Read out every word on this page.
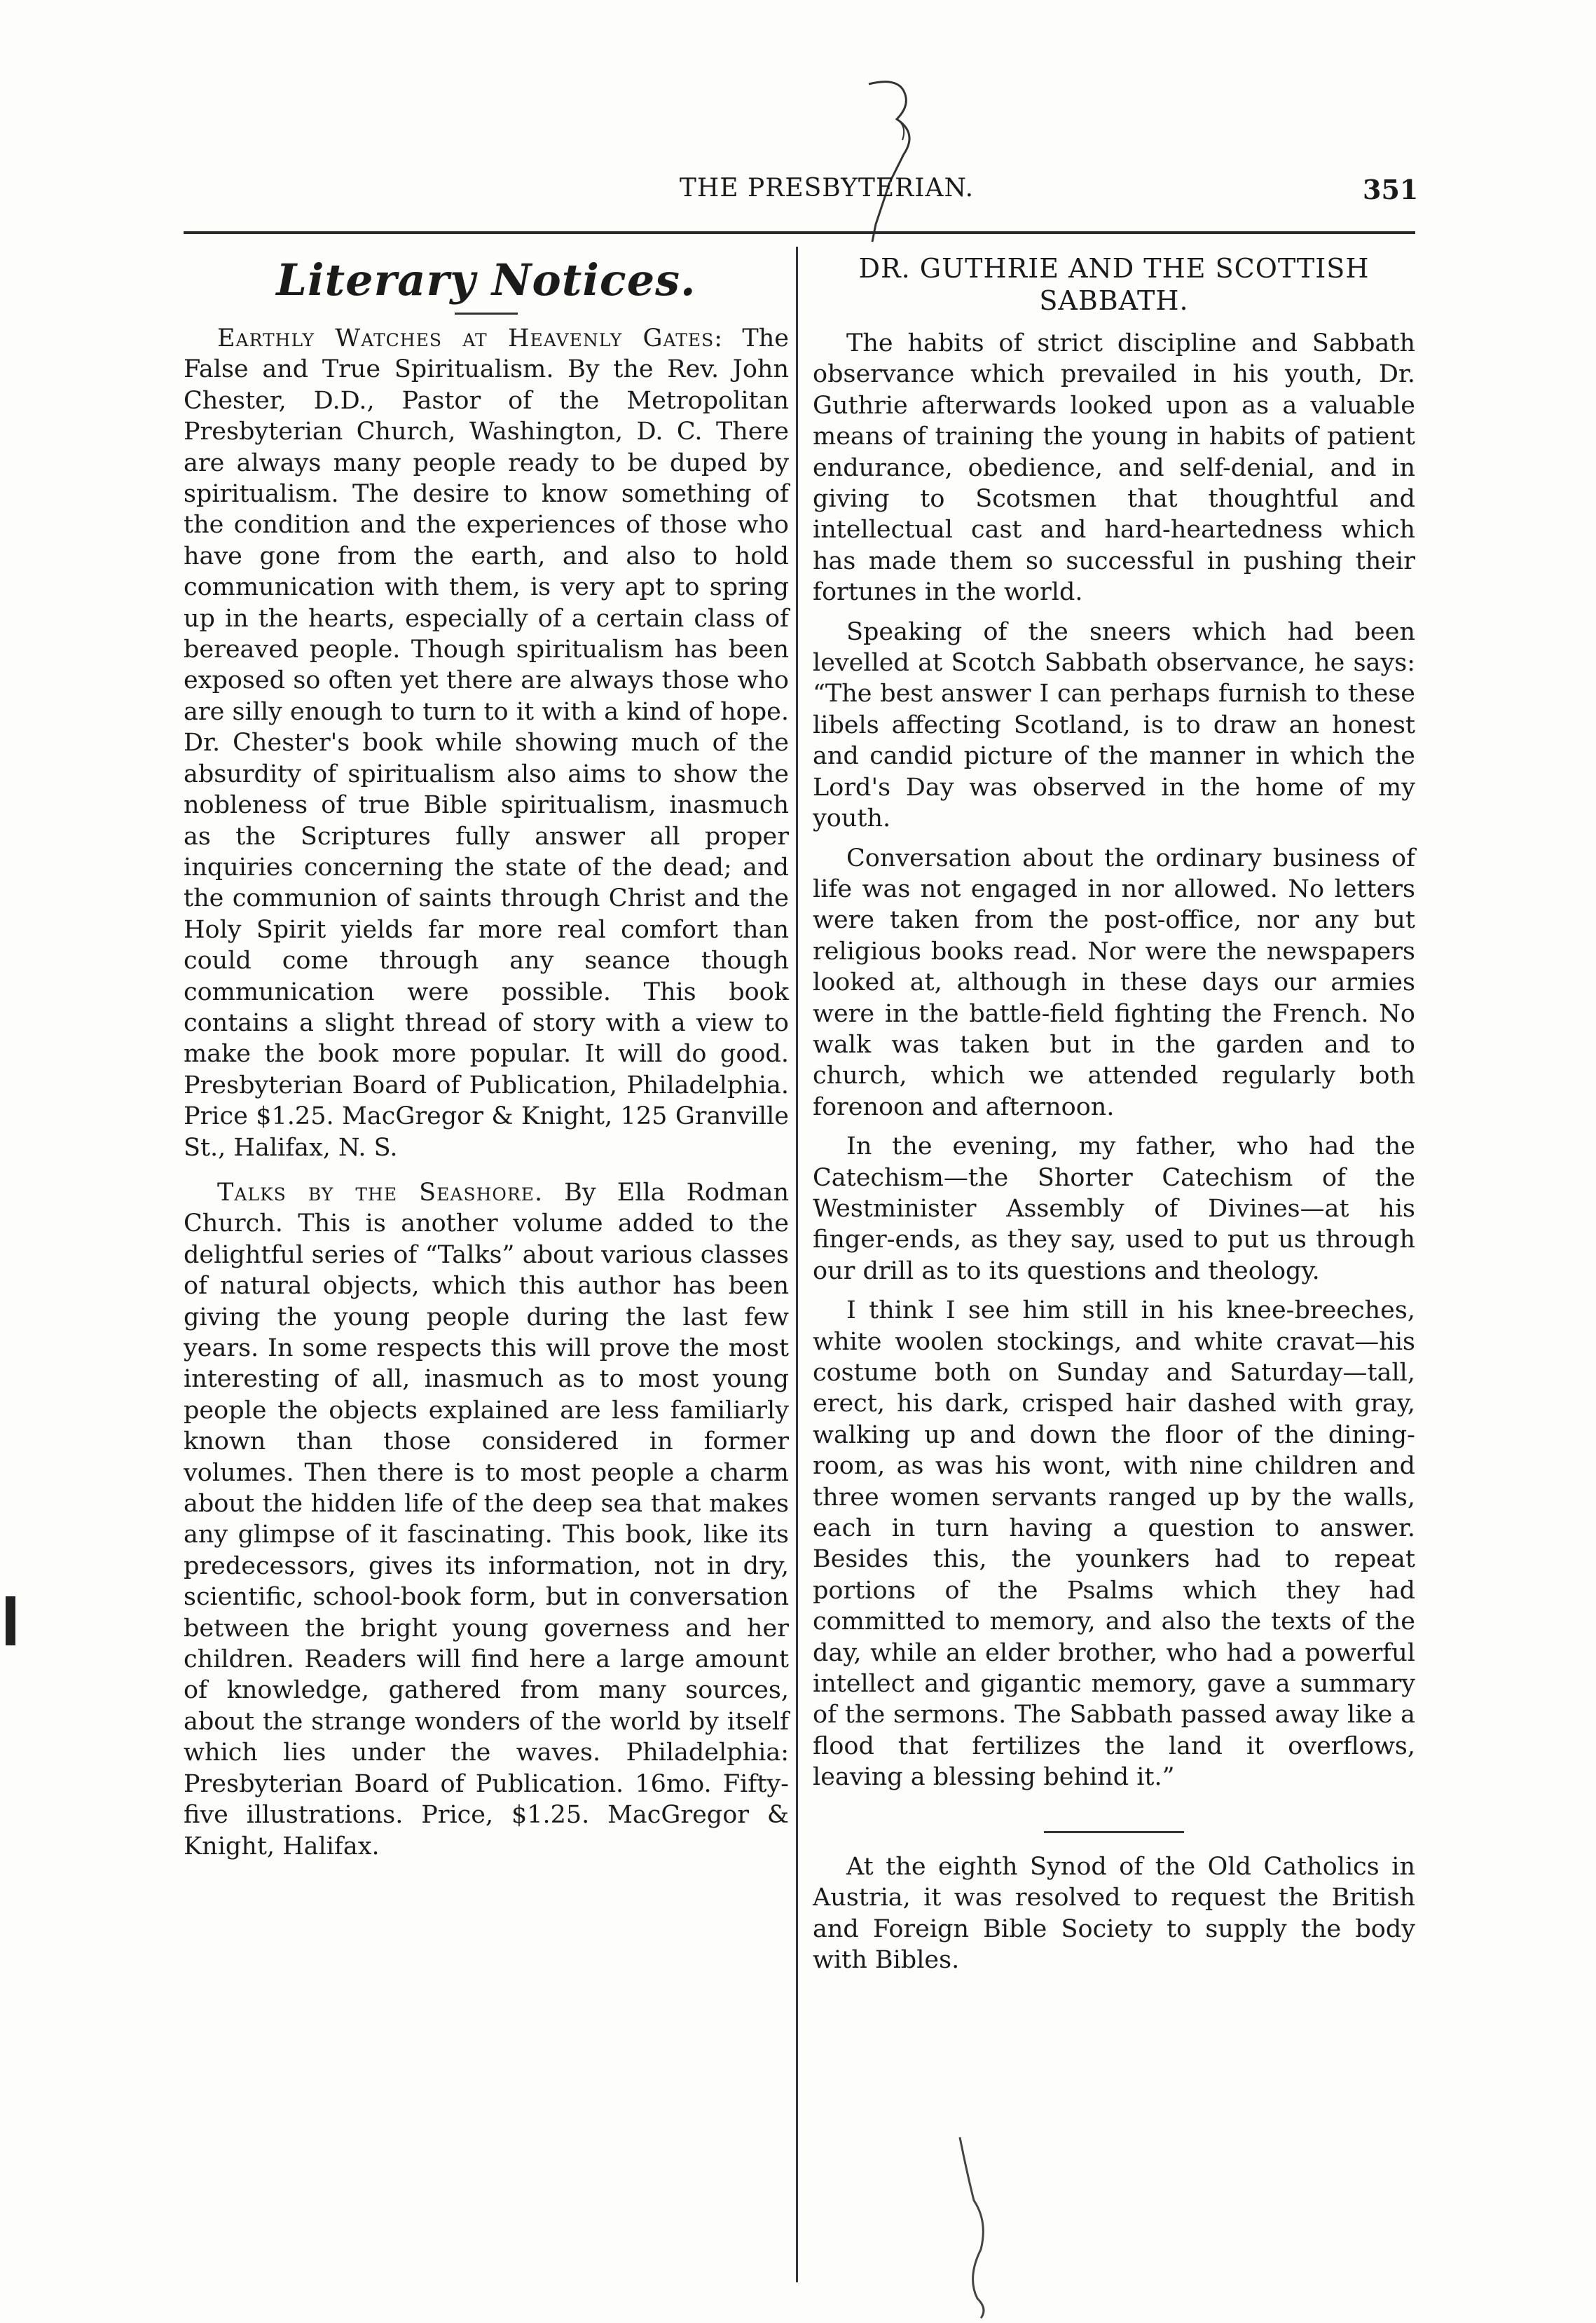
THE PRESBYTERIAN.	351
Literary Notices.

Earthly Watches at Heavenly Gates: The False and True Spiritualism. By the Rev. John Chester, D.D., Pastor of the Metropolitan Presbyterian Church, Washington, D. C. There are always many people ready to be duped by spiritualism. The desire to know something of the condition and the experiences of those who have gone from the earth, and also to hold communication with them, is very apt to spring up in the hearts, especially of a certain class of bereaved people. Though spiritualism has been exposed so often yet there are always those who are silly enough to turn to it with a kind of hope. Dr. Chester's book while showing much of the absurdity of spiritualism also aims to show the nobleness of true Bible spiritualism, inasmuch as the Scriptures fully answer all proper inquiries concerning the state of the dead; and the communion of saints through Christ and the Holy Spirit yields far more real comfort than could come through any seance though communication were possible. This book contains a slight thread of story with a view to make the book more popular. It will do good. Presbyterian Board of Publication, Philadelphia. Price $1.25. MacGregor & Knight, 125 Granville St., Halifax, N. S.

Talks by the Seashore. By Ella Rodman Church. This is another volume added to the delightful series of “Talks” about various classes of natural objects, which this author has been giving the young people during the last few years. In some respects this will prove the most interesting of all, inasmuch as to most young people the objects explained are less familiarly known than those considered in former volumes. Then there is to most people a charm about the hidden life of the deep sea that makes any glimpse of it fascinating. This book, like its predecessors, gives its information, not in dry, scientific, school-book form, but in conversation between the bright young governess and her children. Readers will find here a large amount of knowledge, gathered from many sources, about the strange wonders of the world by itself which lies under the waves. Philadelphia: Presbyterian Board of Publication. 16mo. Fifty-five illustrations. Price, $1.25. MacGregor & Knight, Halifax.

DR. GUTHRIE AND THE SCOTTISH SABBATH.

The habits of strict discipline and Sabbath observance which prevailed in his youth, Dr. Guthrie afterwards looked upon as a valuable means of training the young in habits of patient endurance, obedience, and self-denial, and in giving to Scotsmen that thoughtful and intellectual cast and hard-heartedness which has made them so successful in pushing their fortunes in the world.

Speaking of the sneers which had been levelled at Scotch Sabbath observance, he says: “The best answer I can perhaps furnish to these libels affecting Scotland, is to draw an honest and candid picture of the manner in which the Lord's Day was observed in the home of my youth.

Conversation about the ordinary business of life was not engaged in nor allowed. No letters were taken from the post-office, nor any but religious books read. Nor were the newspapers looked at, although in these days our armies were in the battle-field fighting the French. No walk was taken but in the garden and to church, which we attended regularly both forenoon and afternoon.

In the evening, my father, who had the Catechism—the Shorter Catechism of the Westminister Assembly of Divines—at his finger-ends, as they say, used to put us through our drill as to its questions and theology.

I think I see him still in his knee-breeches, white woolen stockings, and white cravat—his costume both on Sunday and Saturday—tall, erect, his dark, crisped hair dashed with gray, walking up and down the floor of the dining-room, as was his wont, with nine children and three women servants ranged up by the walls, each in turn having a question to answer. Besides this, the younkers had to repeat portions of the Psalms which they had committed to memory, and also the texts of the day, while an elder brother, who had a powerful intellect and gigantic memory, gave a summary of the sermons. The Sabbath passed away like a flood that fertilizes the land it overflows, leaving a blessing behind it.”

At the eighth Synod of the Old Catholics in Austria, it was resolved to request the British and Foreign Bible Society to supply the body with Bibles.
